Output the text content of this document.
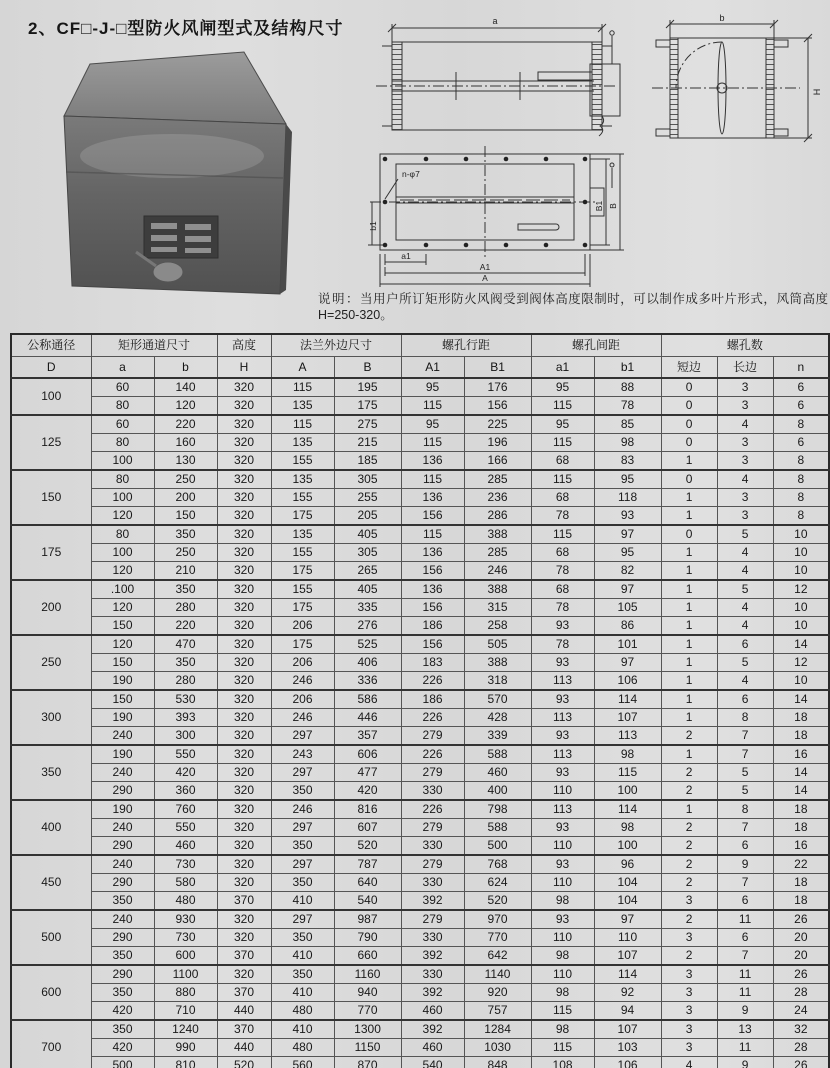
2、CF□-J-□型防火风闸型式及结构尺寸	a	b
H
n-φ7
b1
a1
A1
A
B1 B
说明：当用户所订矩形防火风阀受到阀体高度限制时，可以制作成多叶片形式，风筒高度H=250-320。
公称通径	矩形通道尺寸		高度	法兰外边尺寸		螺孔行距		螺孔间距		螺孔数		
D	a	b	H	A	B	A1	B1	a1	b1	短边	长边	n
100	60	140	320	115	195	95	176	95	88	0	3	6
	80	120	320	135	175	115	156	115	78	0	3	6
125	60	220	320	115	275	95	225	95	85	0	4	8
	80	160	320	135	215	115	196	115	98	0	3	6
	100	130	320	155	185	136	166	68	83	1	3	8
150	80	250	320	135	305	115	285	115	95	0	4	8
	100	200	320	155	255	136	236	68	118	1	3	8
	120	150	320	175	205	156	286	78	93	1	3	8
175	80	350	320	135	405	115	388	115	97	0	5	10
	100	250	320	155	305	136	285	68	95	1	4	10
	120	210	320	175	265	156	246	78	82	1	4	10
200	.100	350	320	155	405	136	388	68	97	1	5	12
	120	280	320	175	335	156	315	78	105	1	4	10
	150	220	320	206	276	186	258	93	86	1	4	10
250	120	470	320	175	525	156	505	78	101	1	6	14
	150	350	320	206	406	183	388	93	97	1	5	12
	190	280	320	246	336	226	318	113	106	1	4	10
300	150	530	320	206	586	186	570	93	114	1	6	14
	190	393	320	246	446	226	428	113	107	1	8	18
	240	300	320	297	357	279	339	93	113	2	7	18
350	190	550	320	243	606	226	588	113	98	1	7	16
	240	420	320	297	477	279	460	93	115	2	5	14
	290	360	320	350	420	330	400	110	100	2	5	14
400	190	760	320	246	816	226	798	113	114	1	8	18
	240	550	320	297	607	279	588	93	98	2	7	18
	290	460	320	350	520	330	500	110	100	2	6	16
450	240	730	320	297	787	279	768	93	96	2	9	22
	290	580	320	350	640	330	624	110	104	2	7	18
	350	480	370	410	540	392	520	98	104	3	6	18
500	240	930	320	297	987	279	970	93	97	2	11	26
	290	730	320	350	790	330	770	110	110	3	6	20
	350	600	370	410	660	392	642	98	107	2	7	20
600	290	1100	320	350	1160	330	1140	110	114	3	11	26
	350	880	370	410	940	392	920	98	92	3	11	28
	420	710	440	480	770	460	757	115	94	3	9	24
700	350	1240	370	410	1300	392	1284	98	107	3	13	32
	420	990	440	480	1150	460	1030	115	103	3	11	28
	500	810	520	560	870	540	848	108	106	4	9	26
